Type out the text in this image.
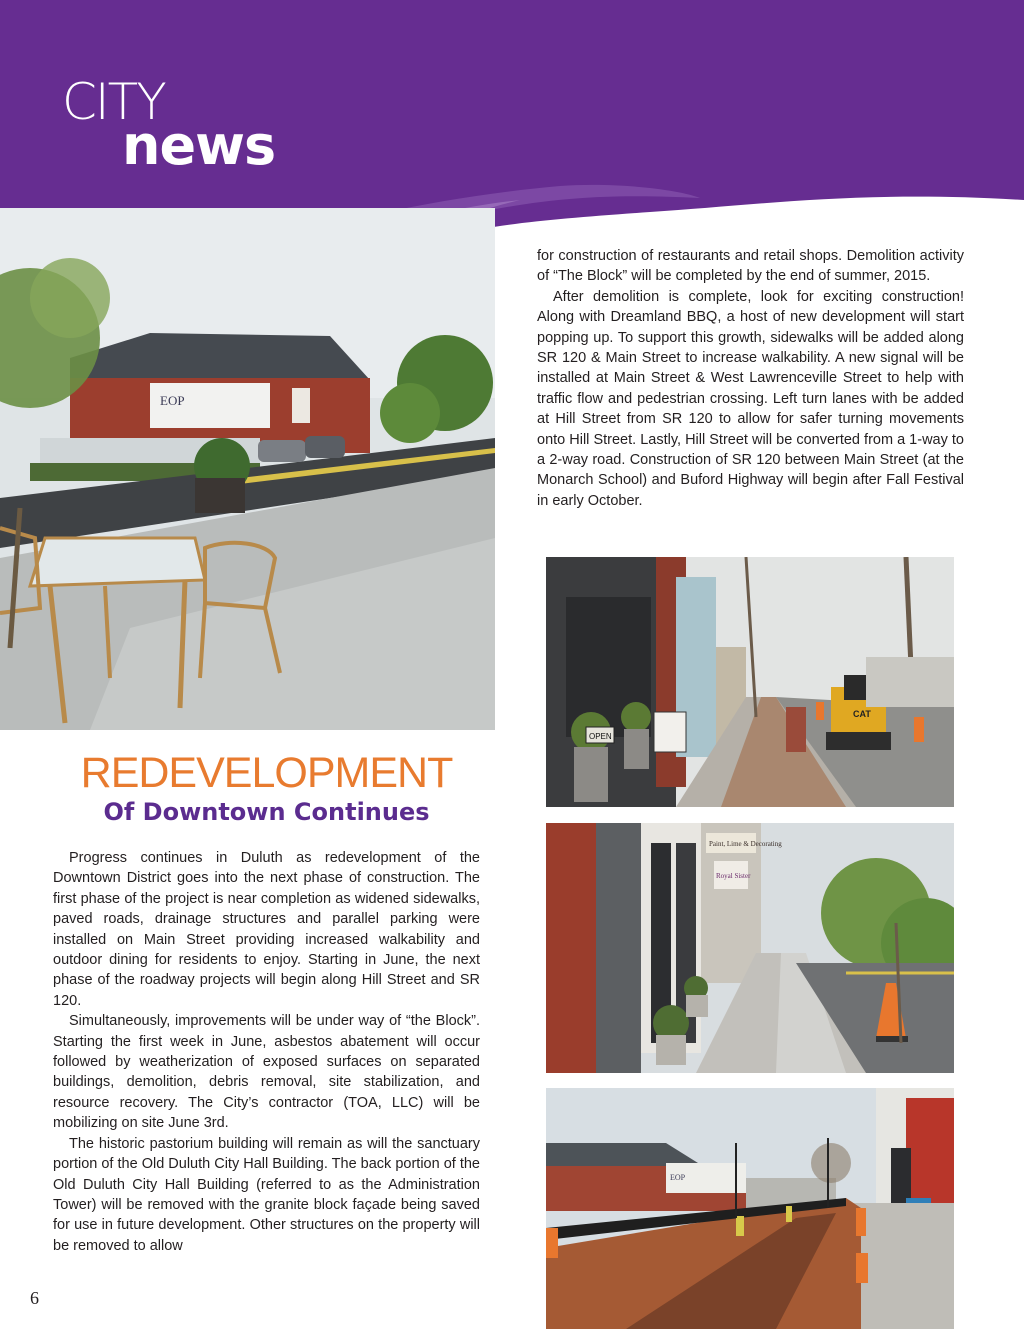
CITY
news
EOP
REDEVELOPMENT
Of Downtown Continues

Progress continues in Duluth as redevelopment of the Downtown District goes into the next phase of construction. The first phase of the project is near completion as widened sidewalks, paved roads, drainage structures and parallel parking were installed on Main Street providing increased walkability and outdoor dining for residents to enjoy. Starting in June, the next phase of the roadway projects will begin along Hill Street and SR 120.

Simultaneously, improvements will be under way of “the Block”. Starting the first week in June, asbestos abatement will occur followed by weatherization of exposed surfaces on separated buildings, demolition, debris removal, site stabilization, and resource recovery. The City’s contractor (TOA, LLC) will be mobilizing on site June 3rd.

The historic pastorium building will remain as will the sanctuary portion of the Old Duluth City Hall Building. The back portion of the Old Duluth City Hall Building (referred to as the Administration Tower) will be removed with the granite block façade being saved for use in future development. Other structures on the property will be removed to allow

for construction of restaurants and retail shops. Demolition activity of “The Block” will be completed by the end of summer, 2015.

After demolition is complete, look for exciting construction! Along with Dreamland BBQ, a host of new development will start popping up. To support this growth, sidewalks will be added along SR 120 & Main Street to increase walkability. A new signal will be installed at Main Street & West Lawrenceville Street to help with traffic flow and pedestrian crossing. Left turn lanes with be added at Hill Street from SR 120 to allow for safer turning movements onto Hill Street. Lastly, Hill Street will be converted from a 1-way to a 2-way road. Construction of SR 120 between Main Street (at the Monarch School) and Buford Highway will begin after Fall Festival in early October.

OPEN
CAT
Paint, Lime & Decorating
Royal Sister
EOP
6
